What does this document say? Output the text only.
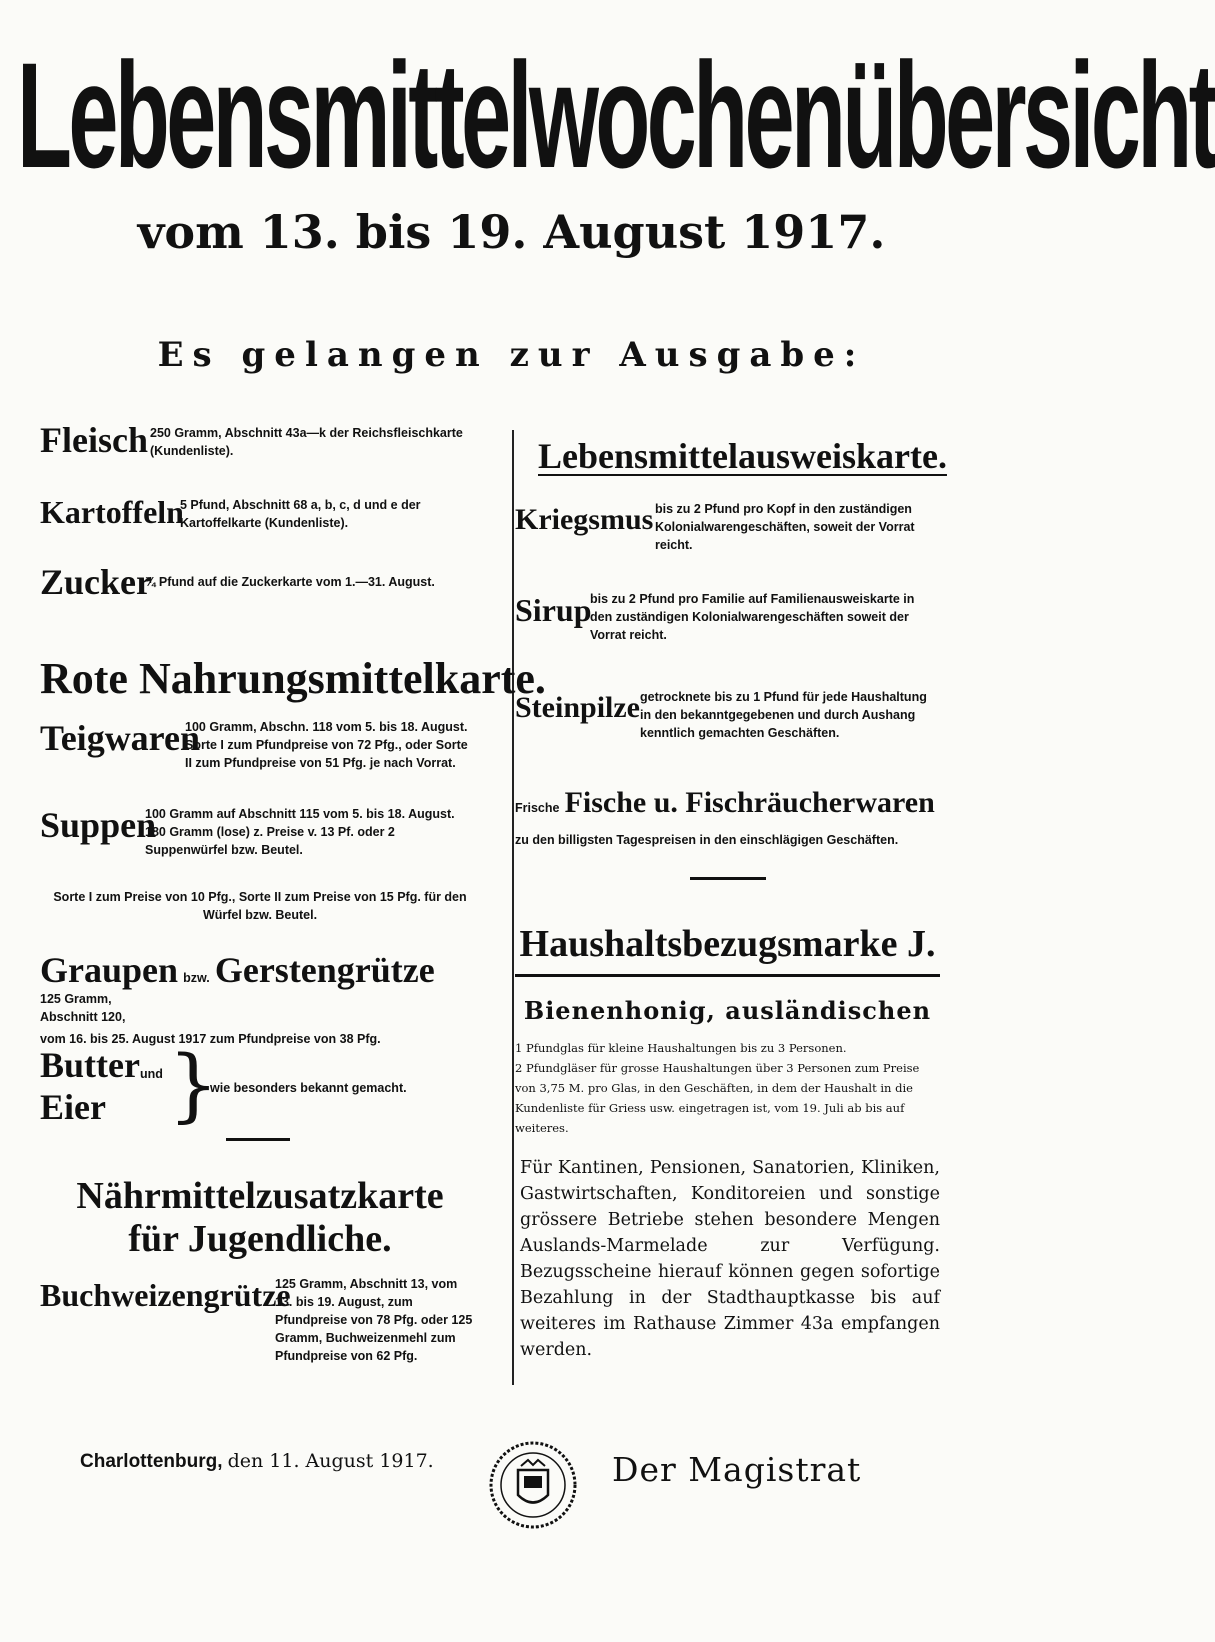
Lebensmittelwochenübersicht
vom 13. bis 19. August 1917.
Es gelangen zur Ausgabe:
Fleisch 250 Gramm, Abschnitt 43a—k der Reichsfleischkarte (Kundenliste).
Kartoffeln
5 Pfund, Abschnitt 68 a, b, c, d und e der Kartoffelkarte (Kundenliste).
Zucker
¾ Pfund auf die Zuckerkarte vom 1.—31. August.
Rote Nahrungsmittelkarte.
Teigwaren
100 Gramm, Abschn. 118 vom 5. bis 18. August. Sorte I zum Pfundpreise von 72 Pfg., oder Sorte II zum Pfundpreise von 51 Pfg. je nach Vorrat.
Suppen
100 Gramm auf Abschnitt 115 vom 5. bis 18. August. 180 Gramm (lose) z. Preise v. 13 Pf. oder 2 Suppenwürfel bzw. Beutel.
Sorte I zum Preise von 10 Pfg., Sorte II zum Preise von 15 Pfg. für den Würfel bzw. Beutel.
Graupen bzw. Gerstengrütze 125 Gramm, Abschnitt 120,
vom 16. bis 25. August 1917 zum Pfundpreise von 38 Pfg.
Butter und
Eier }
wie besonders bekannt gemacht.
Nährmittelzusatzkarte
für Jugendliche.
Buchweizengrütze
125 Gramm, Abschnitt 13, vom 13. bis 19. August, zum Pfundpreise von 78 Pfg. oder 125 Gramm, Buchweizenmehl zum Pfundpreise von 62 Pfg.
Lebensmittelausweiskarte.
Kriegsmus bis zu 2 Pfund pro Kopf in den zuständigen Kolonialwarengeschäften, soweit der Vorrat reicht.
Sirup
bis zu 2 Pfund pro Familie auf Familienausweiskarte in den zuständigen Kolonialwarengeschäften soweit der Vorrat reicht.
Steinpilze getrocknete bis zu 1 Pfund für jede Haushaltung in den bekanntgegebenen und durch Aushang kenntlich gemachten Geschäften.
Frische Fische u. Fischräucherwaren
zu den billigsten Tagespreisen in den einschlägigen Geschäften.
Haushaltsbezugsmarke J.
Bienenhonig, ausländischen
1 Pfundglas für kleine Haushaltungen bis zu 3 Personen.
2 Pfundgläser für grosse Haushaltungen über 3 Personen zum Preise von 3,75 M. pro Glas, in den Geschäften, in dem der Haushalt in die Kundenliste für Griess usw. eingetragen ist, vom 19. Juli ab bis auf weiteres.
Für Kantinen, Pensionen, Sanatorien, Kliniken, Gastwirtschaften, Konditoreien und sonstige grössere Betriebe stehen besondere Mengen Auslands-Marmelade zur Verfügung. Bezugsscheine hierauf können gegen sofortige Bezahlung in der Stadthauptkasse bis auf weiteres im Rathause Zimmer 43a empfangen werden.
Charlottenburg, den 11. August 1917.	Der Magistrat
